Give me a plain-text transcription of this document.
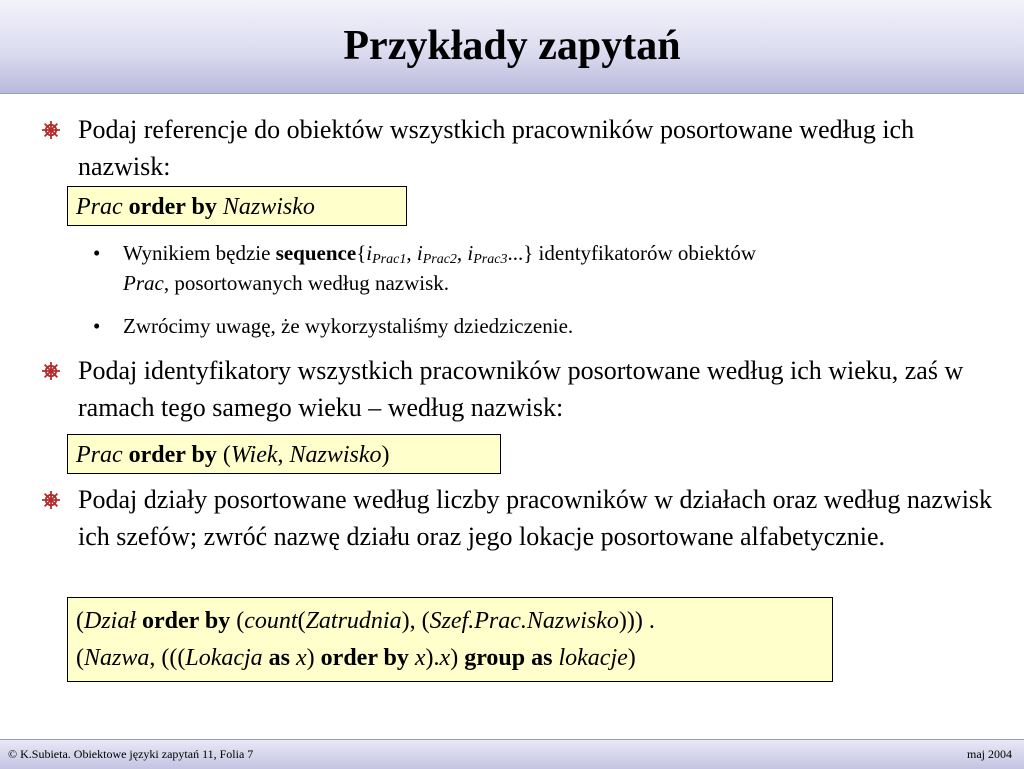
Przykłady zapytań
Podaj referencje do obiektów wszystkich pracowników posortowane według ich nazwisk:
Prac order by Nazwisko
• Wynikiem będzie $sequence\{i_{Prac1}$, $i_{Prac2}$, $i_{Prac3}$...} identyfikatorów obiektów
Prac, posortowanych według nazwisk.
• Zwrócimy uwagę, że wykorzystaliśmy dziedziczenie.
Podaj identyfikatory wszystkich pracowników posortowane według ich wieku, zaś w ramach tego samego wieku – według nazwisk:
Prac order by (Wiek, Nazwisko)
Podaj działy posortowane według liczby pracowników w działach oraz według nazwisk ich szefów; zwróć nazwę działu oraz jego lokacje posortowane alfabetycznie.
(Dział order by (count(Zatrudnia), (Szef.Prac.Nazwisko))) .
(Nazwa, (((Lokacja as x) order by x).x) group as lokacje)
© K.Subieta. Obiektowe języki zapytań 11, Folia 7	maj 2004
